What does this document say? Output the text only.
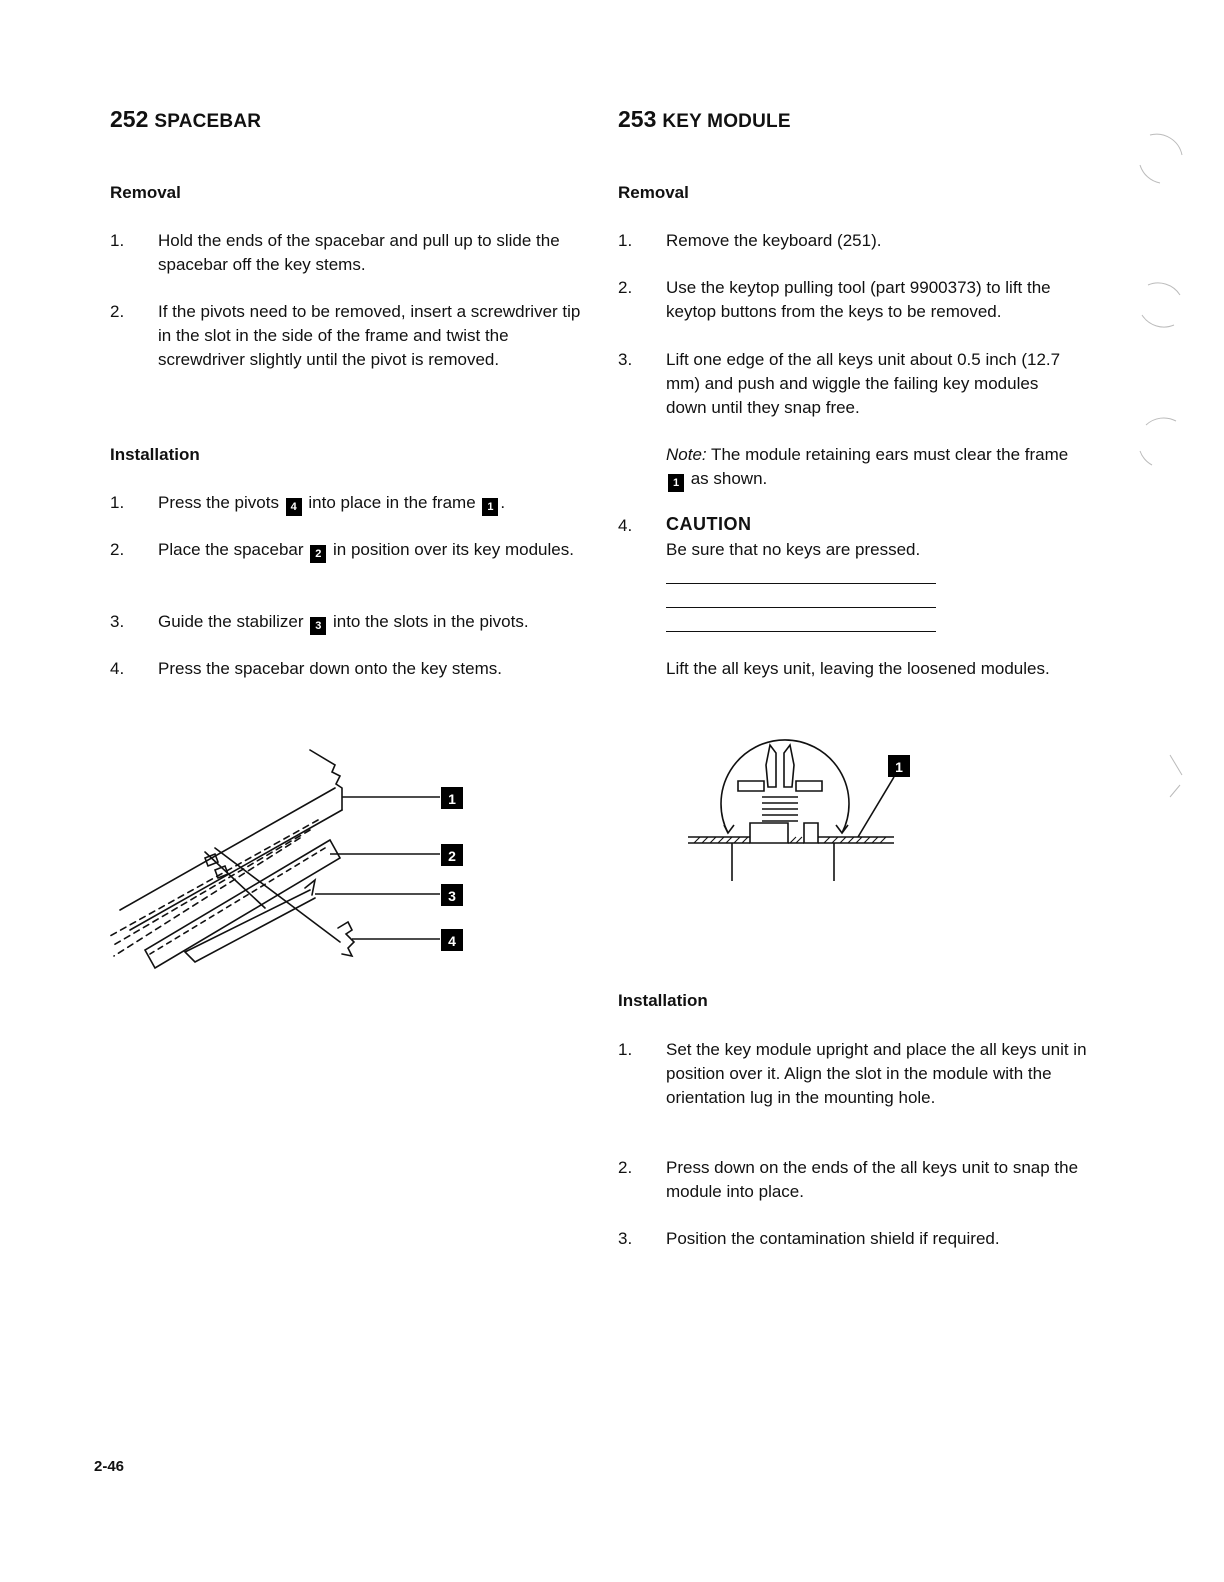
252 SPACEBAR
Removal
1. Hold the ends of the spacebar and pull up to slide the spacebar off the key stems.
2. If the pivots need to be removed, insert a screwdriver tip in the slot in the side of the frame and twist the screwdriver slightly until the pivot is removed.
Installation
1. Press the pivots 4 into place in the frame 1 .
2. Place the spacebar 2 in position over its key modules.
3. Guide the stabilizer 3 into the slots in the pivots.
4. Press the spacebar down onto the key stems.
1
2
3
4
253 KEY MODULE
Removal
1. Remove the keyboard (251).
2. Use the keytop pulling tool (part 9900373) to lift the keytop buttons from the keys to be removed.
3. Lift one edge of the all keys unit about 0.5 inch (12.7 mm) and push and wiggle the failing key modules down until they snap free.
Note: The module retaining ears must clear the frame 1 as shown.
4. CAUTION
Be sure that no keys are pressed.
Lift the all keys unit, leaving the loosened modules.
1
Installation
1. Set the key module upright and place the all keys unit in position over it. Align the slot in the module with the orientation lug in the mounting hole.
2. Press down on the ends of the all keys unit to snap the module into place.
3. Position the contamination shield if required.
2-46
